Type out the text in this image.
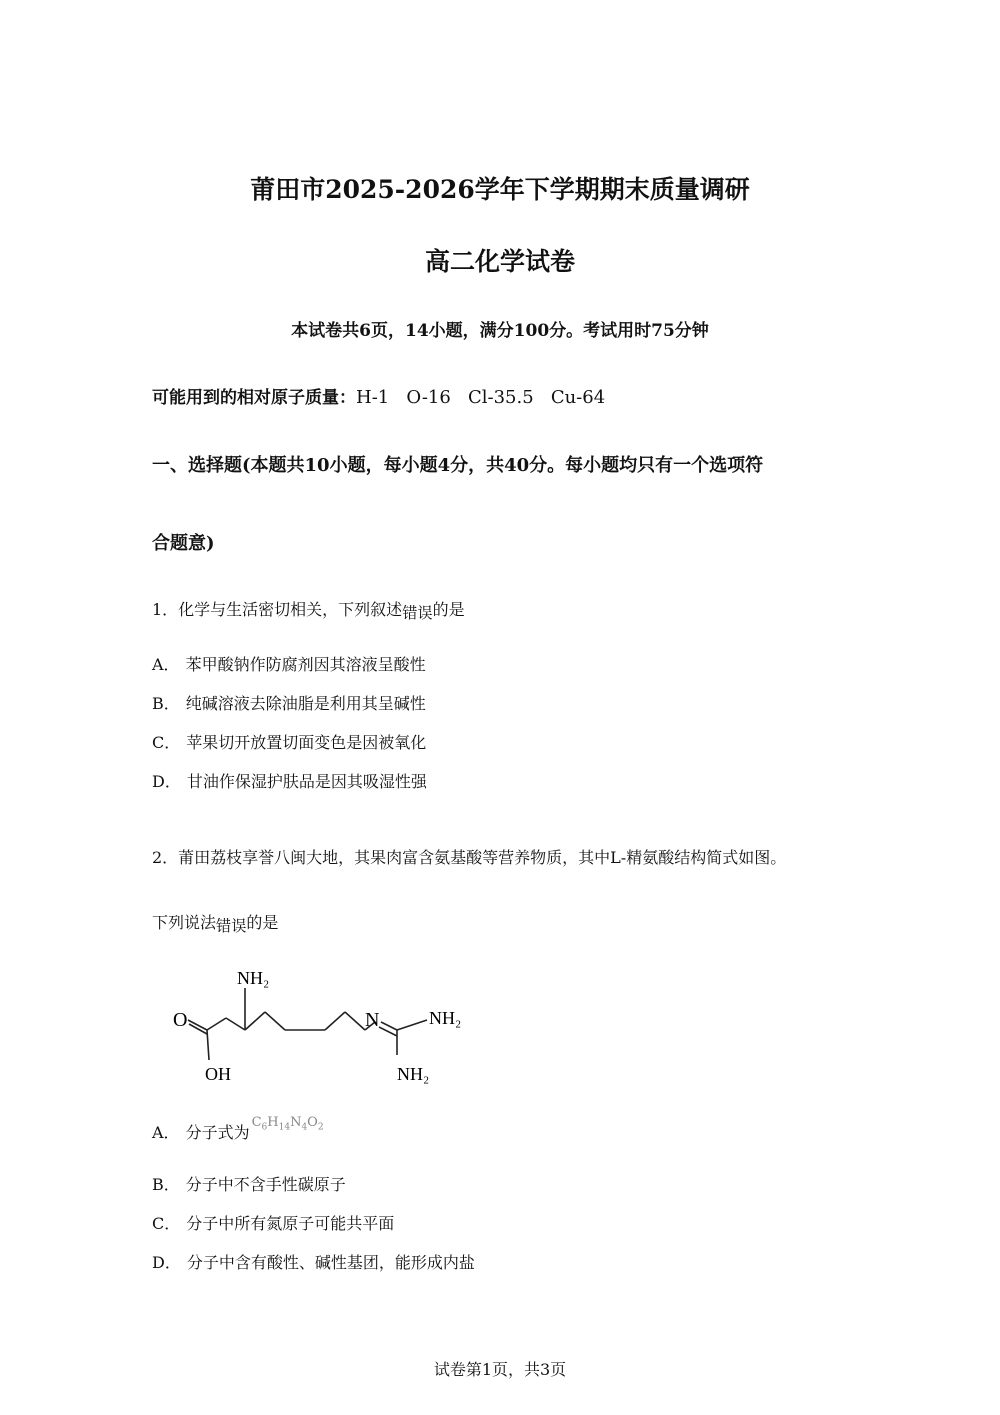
莆田市2025-2026学年下学期期末质量调研
高二化学试卷
本试卷共6页，14小题，满分100分。考试用时75分钟
可能用到的相对原子质量：H-1   O-16   Cl-35.5   Cu-64
一、选择题(本题共10小题，每小题4分，共40分。每小题均只有一个选项符
合题意)
1．化学与生活密切相关，下列叙述错误的是
A． 苯甲酸钠作防腐剂因其溶液呈酸性
B． 纯碱溶液去除油脂是利用其呈碱性
C． 苹果切开放置切面变色是因被氧化
D． 甘油作保湿护肤品是因其吸湿性强
2．莆田荔枝享誉八闽大地，其果肉富含氨基酸等营养物质，其中L-精氨酸结构简式如图。
下列说法错误的是
NH₂
O
OH
N	NH₂
NH₂
A． 分子式为$^{C_6H_{14}N_4O_2}$
B． 分子中不含手性碳原子
C． 分子中所有氮原子可能共平面
D． 分子中含有酸性、碱性基团，能形成内盐
试卷第1页，共3页
